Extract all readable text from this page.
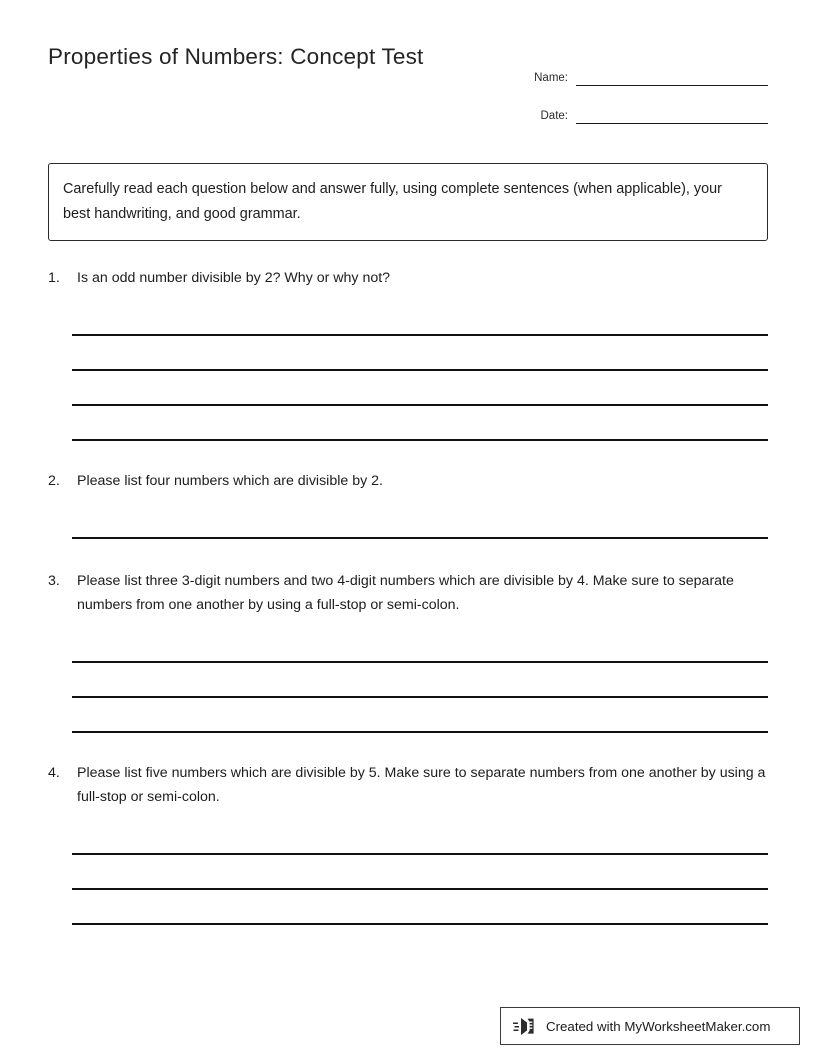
Properties of Numbers: Concept Test
Name:
Date:
Carefully read each question below and answer fully, using complete sentences (when applicable), your best handwriting, and good grammar.
1.	Is an odd number divisible by 2? Why or why not?
2.	Please list four numbers which are divisible by 2.
3.	Please list three 3-digit numbers and two 4-digit numbers which are divisible by 4. Make sure to separate numbers from one another by using a full-stop or semi-colon.
4.	Please list five numbers which are divisible by 5. Make sure to separate numbers from one another by using a full-stop or semi-colon.
Created with MyWorksheetMaker.com
